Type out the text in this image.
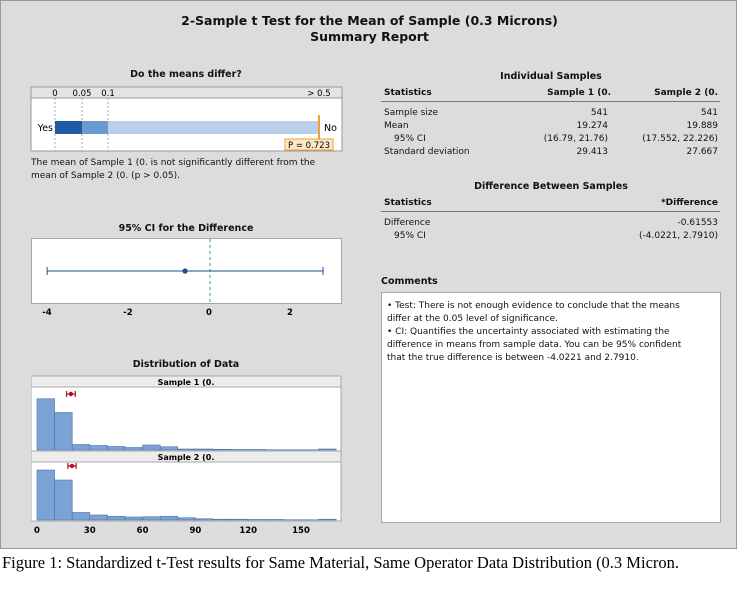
2-Sample t Test for the Mean of Sample (0.3 Microns)
Summary Report
Do the means differ?
0 0.05 0.1	> 0.5
Yes	No
P = 0.723
The mean of Sample 1 (0. is not significantly different from the
mean of Sample 2 (0. (p > 0.05).
95% CI for the Difference
-4	-2	0	2
Distribution of Data
Sample 1 (0.
Sample 2 (0.
0	30	60	90	120	150
Individual Samples
Statistics	Sample 1 (0.	Sample 2 (0.
Sample size	541	541
Mean	19.274	19.889
95% CI	(16.79, 21.76)	(17.552, 22.226)
Standard deviation	29.413	27.667
Difference Between Samples
Statistics	*Difference
Difference	-0.61553
95% CI	(-4.0221, 2.7910)
Comments
• Test: There is not enough evidence to conclude that the means
differ at the 0.05 level of significance.
• CI: Quantifies the uncertainty associated with estimating the
difference in means from sample data. You can be 95% confident
that the true difference is between -4.0221 and 2.7910.
Figure 1: Standardized t-Test results for Same Material, Same Operator Data Distribution (0.3 Micron.
